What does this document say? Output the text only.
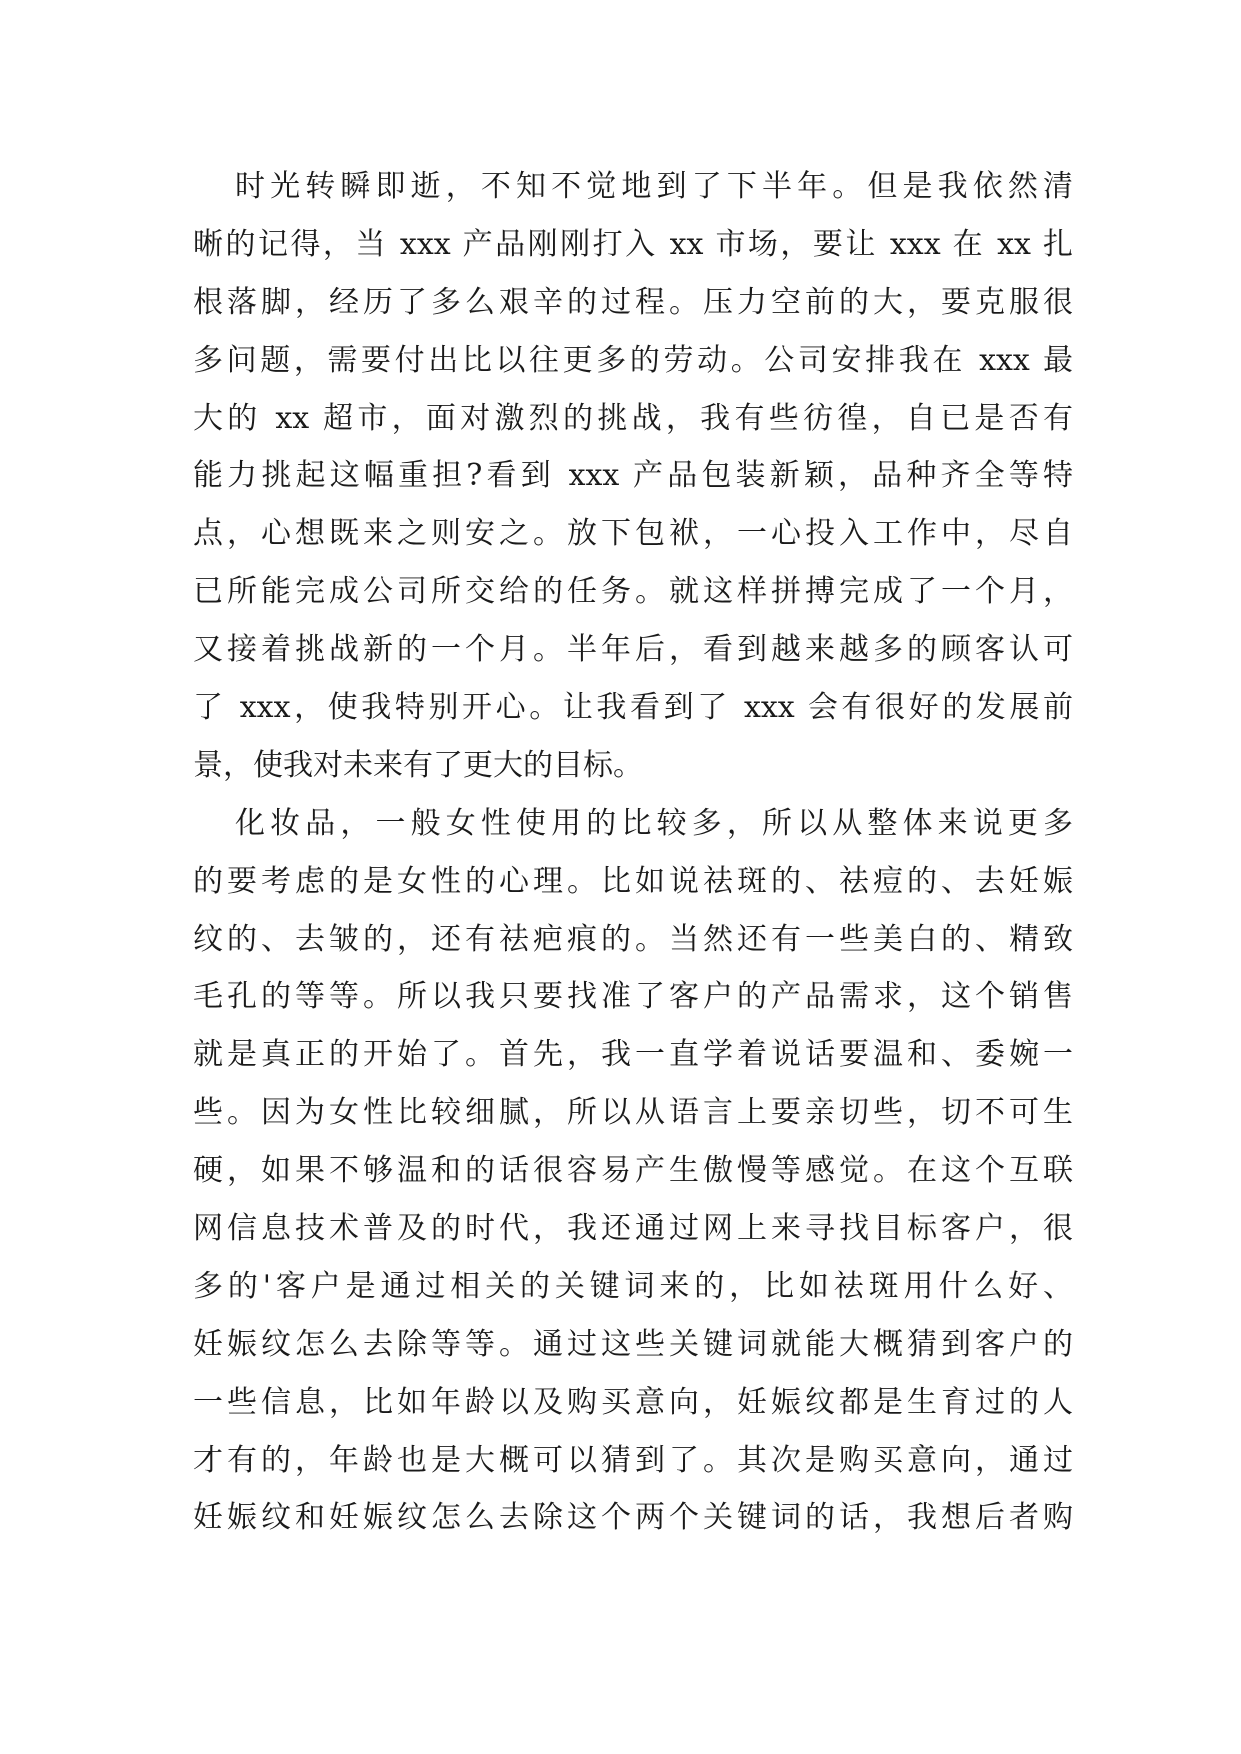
时光转瞬即逝，不知不觉地到了下半年。但是我依然清
晰的记得，当 xxx 产品刚刚打入 xx 市场，要让 xxx 在 xx 扎
根落脚，经历了多么艰辛的过程。压力空前的大，要克服很
多问题，需要付出比以往更多的劳动。公司安排我在 xxx 最
大的 xx 超市，面对激烈的挑战，我有些彷徨，自已是否有
能力挑起这幅重担?看到 xxx 产品包装新颖，品种齐全等特
点，心想既来之则安之。放下包袱，一心投入工作中，尽自
已所能完成公司所交给的任务。就这样拼搏完成了一个月，
又接着挑战新的一个月。半年后，看到越来越多的顾客认可
了 xxx，使我特别开心。让我看到了 xxx 会有很好的发展前
景，使我对未来有了更大的目标。
化妆品，一般女性使用的比较多，所以从整体来说更多
的要考虑的是女性的心理。比如说祛斑的、祛痘的、去妊娠
纹的、去皱的，还有祛疤痕的。当然还有一些美白的、精致
毛孔的等等。所以我只要找准了客户的产品需求，这个销售
就是真正的开始了。首先，我一直学着说话要温和、委婉一
些。因为女性比较细腻，所以从语言上要亲切些，切不可生
硬，如果不够温和的话很容易产生傲慢等感觉。在这个互联
网信息技术普及的时代，我还通过网上来寻找目标客户，很
多的'客户是通过相关的关键词来的，比如祛斑用什么好、
妊娠纹怎么去除等等。通过这些关键词就能大概猜到客户的
一些信息，比如年龄以及购买意向，妊娠纹都是生育过的人
才有的，年龄也是大概可以猜到了。其次是购买意向，通过
妊娠纹和妊娠纹怎么去除这个两个关键词的话，我想后者购
